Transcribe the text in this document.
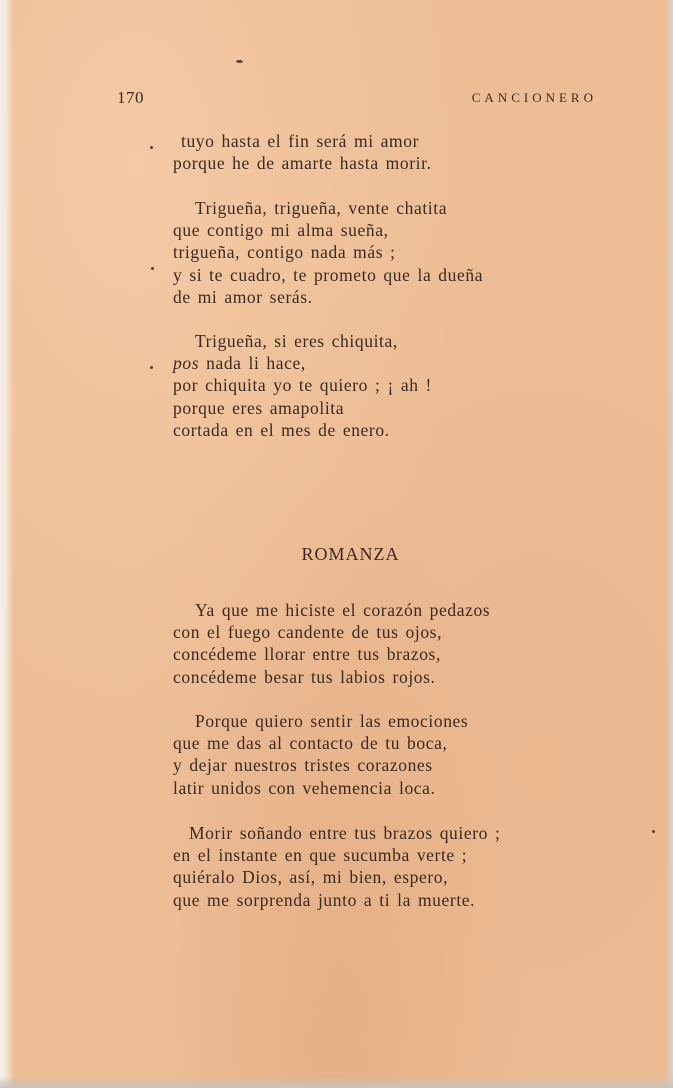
170	CANCIONERO
tuyo hasta el fin será mi amor
porque he de amarte hasta morir.
Trigueña, trigueña, vente chatita
que contigo mi alma sueña,
trigueña, contigo nada más ;
y si te cuadro, te prometo que la dueña
de mi amor serás.
Trigueña, si eres chiquita,
pos nada li hace,
por chiquita yo te quiero ; ¡ ah !
porque eres amapolita
cortada en el mes de enero.
ROMANZA
Ya que me hiciste el corazón pedazos
con el fuego candente de tus ojos,
concédeme llorar entre tus brazos,
concédeme besar tus labios rojos.
Porque quiero sentir las emociones
que me das al contacto de tu boca,
y dejar nuestros tristes corazones
latir unidos con vehemencia loca.
Morir soñando entre tus brazos quiero ;
en el instante en que sucumba verte ;
quiéralo Dios, así, mi bien, espero,
que me sorprenda junto a ti la muerte.
